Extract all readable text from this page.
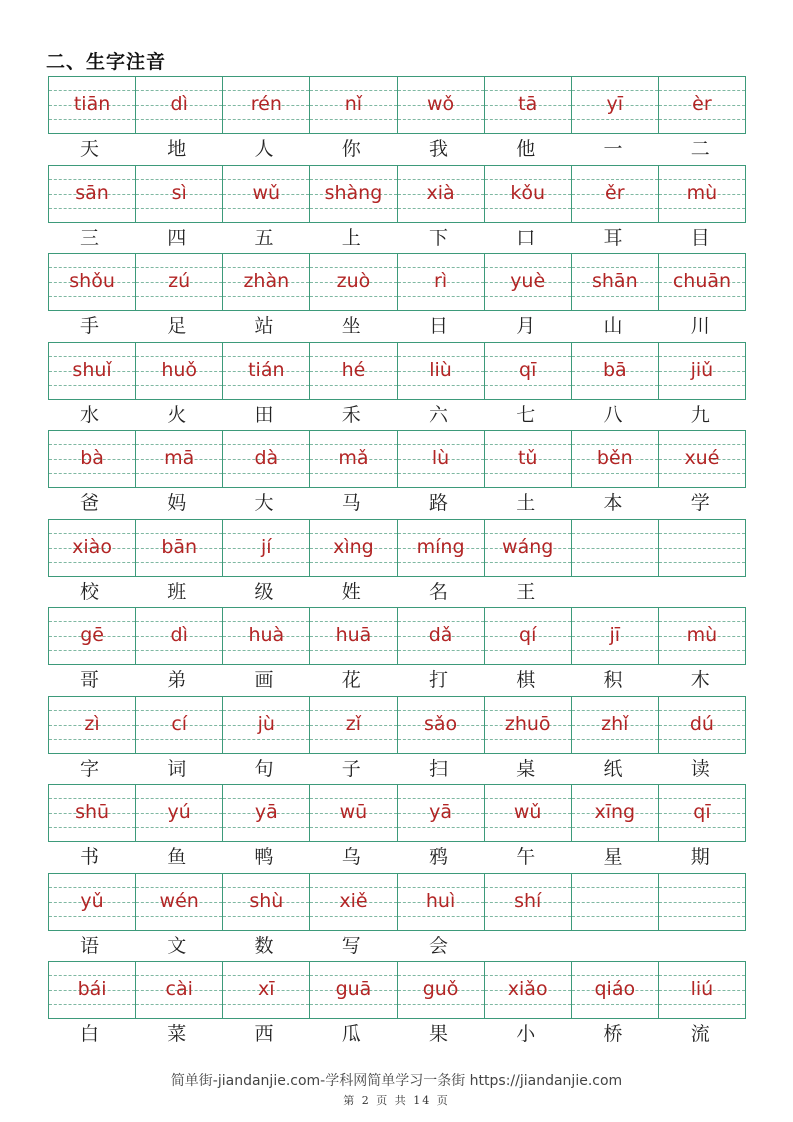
二、生字注音
tiān	dì	rén	nǐ	wǒ	tā	yī	èr
天	地	人	你	我	他	一	二
sān	sì	wǔ	shàng	xià	kǒu	ěr	mù
三	四	五	上	下	口	耳	目
shǒu	zú	zhàn	zuò	rì	yuè	shān	chuān
手	足	站	坐	日	月	山	川
shuǐ	huǒ	tián	hé	liù	qī	bā	jiǔ
水	火	田	禾	六	七	八	九
bà	mā	dà	mǎ	lù	tǔ	běn	xué
爸	妈	大	马	路	土	本	学
xiào	bān	jí	xìng	míng	wáng
校	班	级	姓	名	王
gē	dì	huà	huā	dǎ	qí	jī	mù
哥	弟	画	花	打	棋	积	木
zì	cí	jù	zǐ	sǎo	zhuō	zhǐ	dú
字	词	句	子	扫	桌	纸	读
shū	yú	yā	wū	yā	wǔ	xīng	qī
书	鱼	鸭	乌	鸦	午	星	期
yǔ	wén	shù	xiě	huì	shí
语	文	数	写	会
bái	cài	xī	guā	guǒ	xiǎo	qiáo	liú
白	菜	西	瓜	果	小	桥	流
简单街-jiandanjie.com-学科网简单学习一条街 https://jiandanjie.com
第 2 页 共 14 页
